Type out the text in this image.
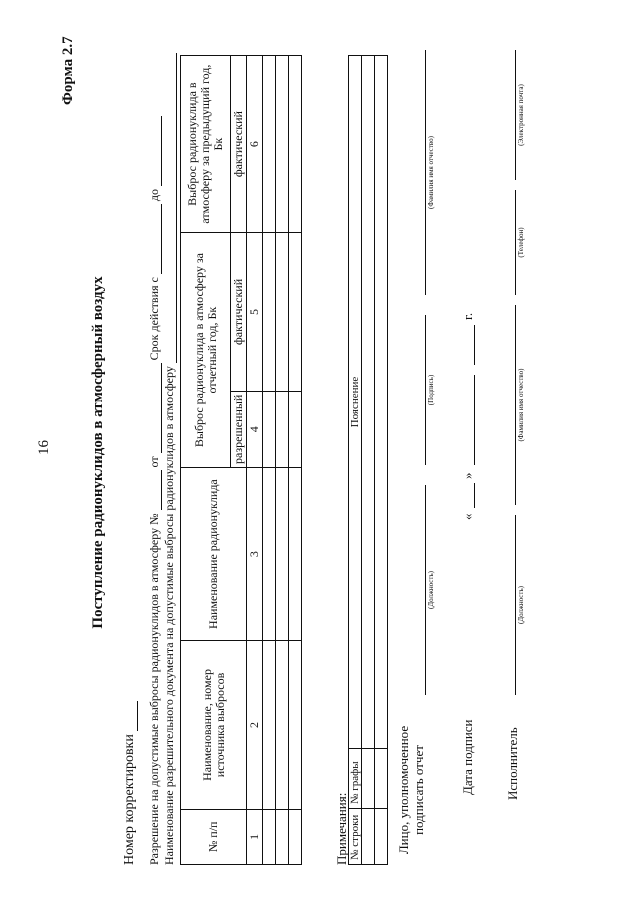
16
Форма 2.7
Поступление радионуклидов в атмосферный воздух
Номер корректировки Разрешение на допустимые выбросы радионуклидов в атмосферу №  от  Срок действия с  до
Наименование разрешительного документа на допустимые выбросы радионуклидов в атмосферу	№ п/п	Наименование, номер источника выбросов	Наименование радионуклида	Выброс радионуклида в атмосферу за отчетный год, Бк		Выброс радионуклида в атмосферу за предыдущий год, Бк
			разрешенный	фактический	фактический
1	2	3	4	5	6

Примечания: № строки	№ графы	Пояснение

Лицо, уполномоченное подписать отчет
(Должность)
(Подпись)
(Фамилия имя отчество)
Дата подписи
«
»
г.
Исполнитель
(Должность)
(Фамилия имя отчество)
(Телефон)
(Электронная почта)
